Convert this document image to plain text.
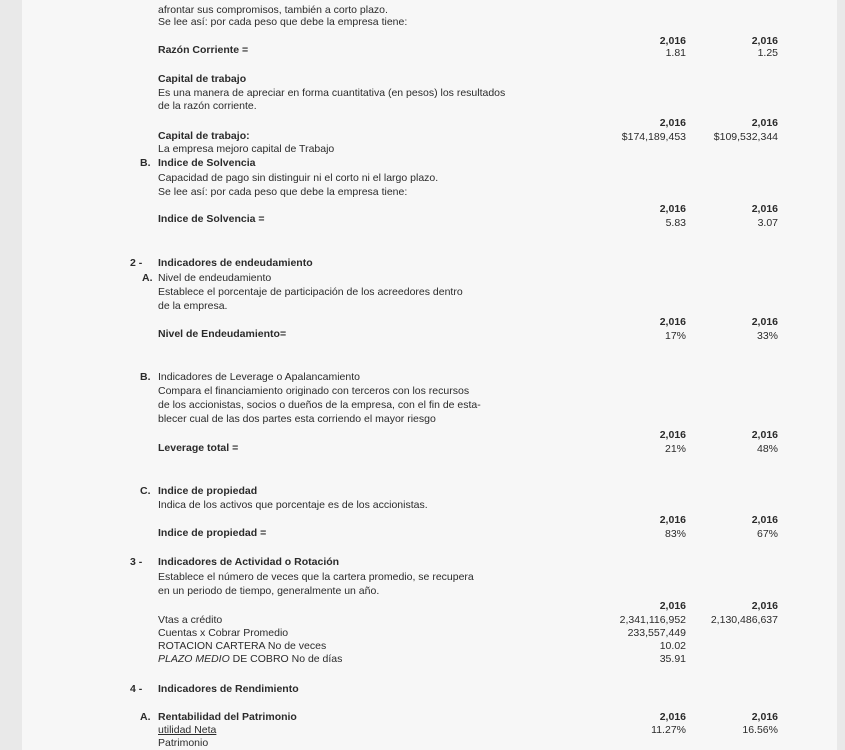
afrontar sus compromisos, también a corto plazo.
Se lee así: por cada peso que debe la empresa tiene:
2,016	2,016
Razón Corriente =	1.81	1.25
Capital de trabajo
Es una manera de apreciar en forma cuantitativa (en pesos) los resultados
de la razón corriente.
2,016	2,016
Capital de trabajo:	$174,189,453	$109,532,344
La empresa mejoro capital de Trabajo
B. Indice de Solvencia
Capacidad de pago sin distinguir ni el corto ni el largo plazo.
Se lee así: por cada peso que debe la empresa tiene:
2,016	2,016
Indice de Solvencia =	5.83	3.07
2 - Indicadores de endeudamiento
A. Nivel de endeudamiento
Establece el porcentaje de participación de los acreedores dentro
de la empresa.
2,016	2,016
Nivel de Endeudamiento=	17%	33%
B. Indicadores de Leverage o Apalancamiento
Compara el financiamiento originado con terceros con los recursos
de los accionistas, socios o dueños de la empresa, con el fin de esta-
blecer cual de las dos partes esta corriendo el mayor riesgo
2,016	2,016
Leverage total =	21%	48%
C. Indice de propiedad
Indica de los activos que porcentaje es de los accionistas.
2,016	2,016
Indice de propiedad =	83%	67%
3 - Indicadores de Actividad o Rotación
Establece el número de veces que la cartera promedio, se recupera
en un periodo de tiempo, generalmente un año.
2,016	2,016
Vtas a crédito	2,341,116,952	2,130,486,637
Cuentas x Cobrar Promedio	233,557,449
ROTACION CARTERA No de veces	10.02
PLAZO MEDIO DE COBRO No de días	35.91
4 - Indicadores de Rendimiento
A. Rentabilidad del Patrimonio	2,016	2,016
utilidad Neta	11.27%	16.56%
Patrimonio
